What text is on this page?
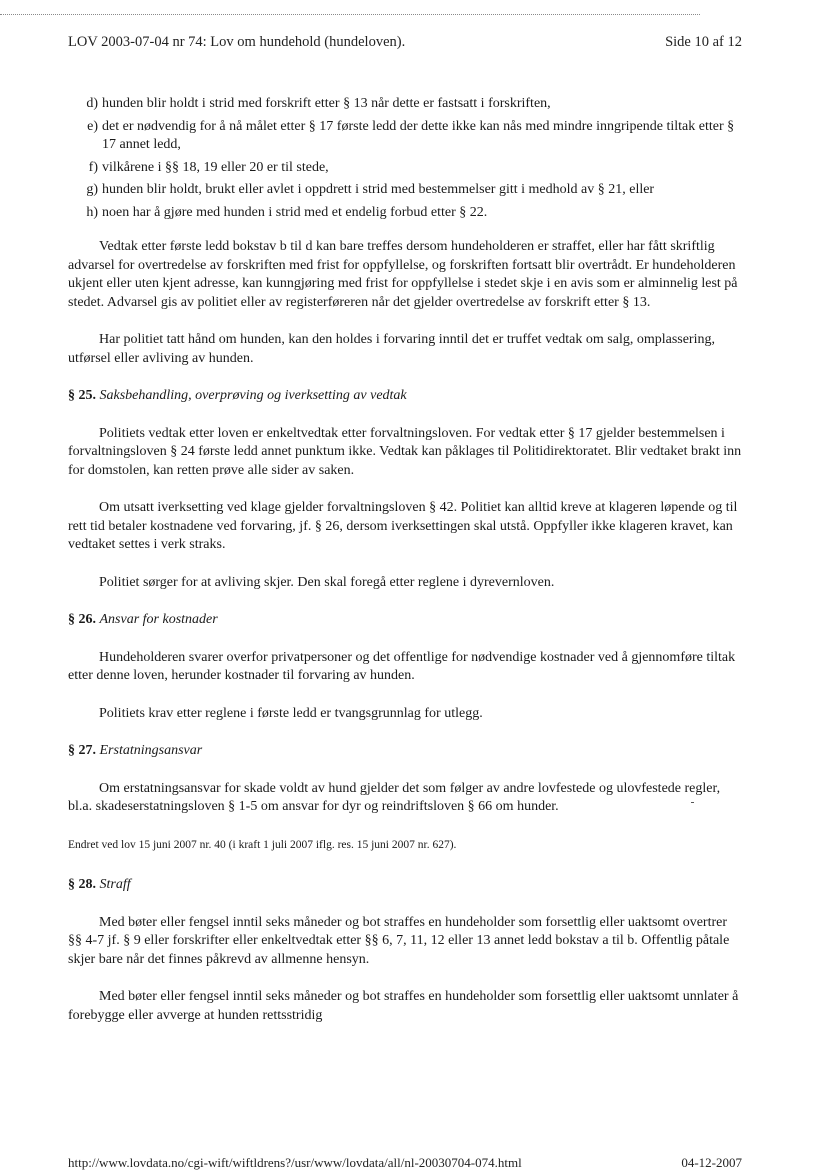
LOV 2003-07-04 nr 74: Lov om hundehold (hundeloven).	Side 10 af 12
d) hunden blir holdt i strid med forskrift etter § 13 når dette er fastsatt i forskriften,
e) det er nødvendig for å nå målet etter § 17 første ledd der dette ikke kan nås med mindre inngripende tiltak etter § 17 annet ledd,
f) vilkårene i §§ 18, 19 eller 20 er til stede,
g) hunden blir holdt, brukt eller avlet i oppdrett i strid med bestemmelser gitt i medhold av § 21, eller
h) noen har å gjøre med hunden i strid med et endelig forbud etter § 22.

Vedtak etter første ledd bokstav b til d kan bare treffes dersom hundeholderen er straffet, eller har fått skriftlig advarsel for overtredelse av forskriften med frist for oppfyllelse, og forskriften fortsatt blir overtrådt. Er hundeholderen ukjent eller uten kjent adresse, kan kunngjøring med frist for oppfyllelse i stedet skje i en avis som er alminnelig lest på stedet. Advarsel gis av politiet eller av registerføreren når det gjelder overtredelse av forskrift etter § 13.

Har politiet tatt hånd om hunden, kan den holdes i forvaring inntil det er truffet vedtak om salg, omplassering, utførsel eller avliving av hunden.

§ 25. Saksbehandling, overprøving og iverksetting av vedtak

Politiets vedtak etter loven er enkeltvedtak etter forvaltningsloven. For vedtak etter § 17 gjelder bestemmelsen i forvaltningsloven § 24 første ledd annet punktum ikke. Vedtak kan påklages til Politidirektoratet. Blir vedtaket brakt inn for domstolen, kan retten prøve alle sider av saken.

Om utsatt iverksetting ved klage gjelder forvaltningsloven § 42. Politiet kan alltid kreve at klageren løpende og til rett tid betaler kostnadene ved forvaring, jf. § 26, dersom iverksettingen skal utstå. Oppfyller ikke klageren kravet, kan vedtaket settes i verk straks.

Politiet sørger for at avliving skjer. Den skal foregå etter reglene i dyrevernloven.

§ 26. Ansvar for kostnader

Hundeholderen svarer overfor privatpersoner og det offentlige for nødvendige kostnader ved å gjennomføre tiltak etter denne loven, herunder kostnader til forvaring av hunden.

Politiets krav etter reglene i første ledd er tvangsgrunnlag for utlegg.

§ 27. Erstatningsansvar

Om erstatningsansvar for skade voldt av hund gjelder det som følger av andre lovfestede og ulovfestede regler, bl.a. skadeserstatningsloven § 1-5 om ansvar for dyr og reindriftsloven § 66 om hunder.

Endret ved lov 15 juni 2007 nr. 40 (i kraft 1 juli 2007 iflg. res. 15 juni 2007 nr. 627).
§ 28. Straff

Med bøter eller fengsel inntil seks måneder og bot straffes en hundeholder som forsettlig eller uaktsomt overtrer §§ 4-7 jf. § 9 eller forskrifter eller enkeltvedtak etter §§ 6, 7, 11, 12 eller 13 annet ledd bokstav a til b. Offentlig påtale skjer bare når det finnes påkrevd av allmenne hensyn.

Med bøter eller fengsel inntil seks måneder og bot straffes en hundeholder som forsettlig eller uaktsomt unnlater å forebygge eller avverge at hunden rettsstridig

http://www.lovdata.no/cgi-wift/wiftldrens?/usr/www/lovdata/all/nl-20030704-074.html	04-12-2007
